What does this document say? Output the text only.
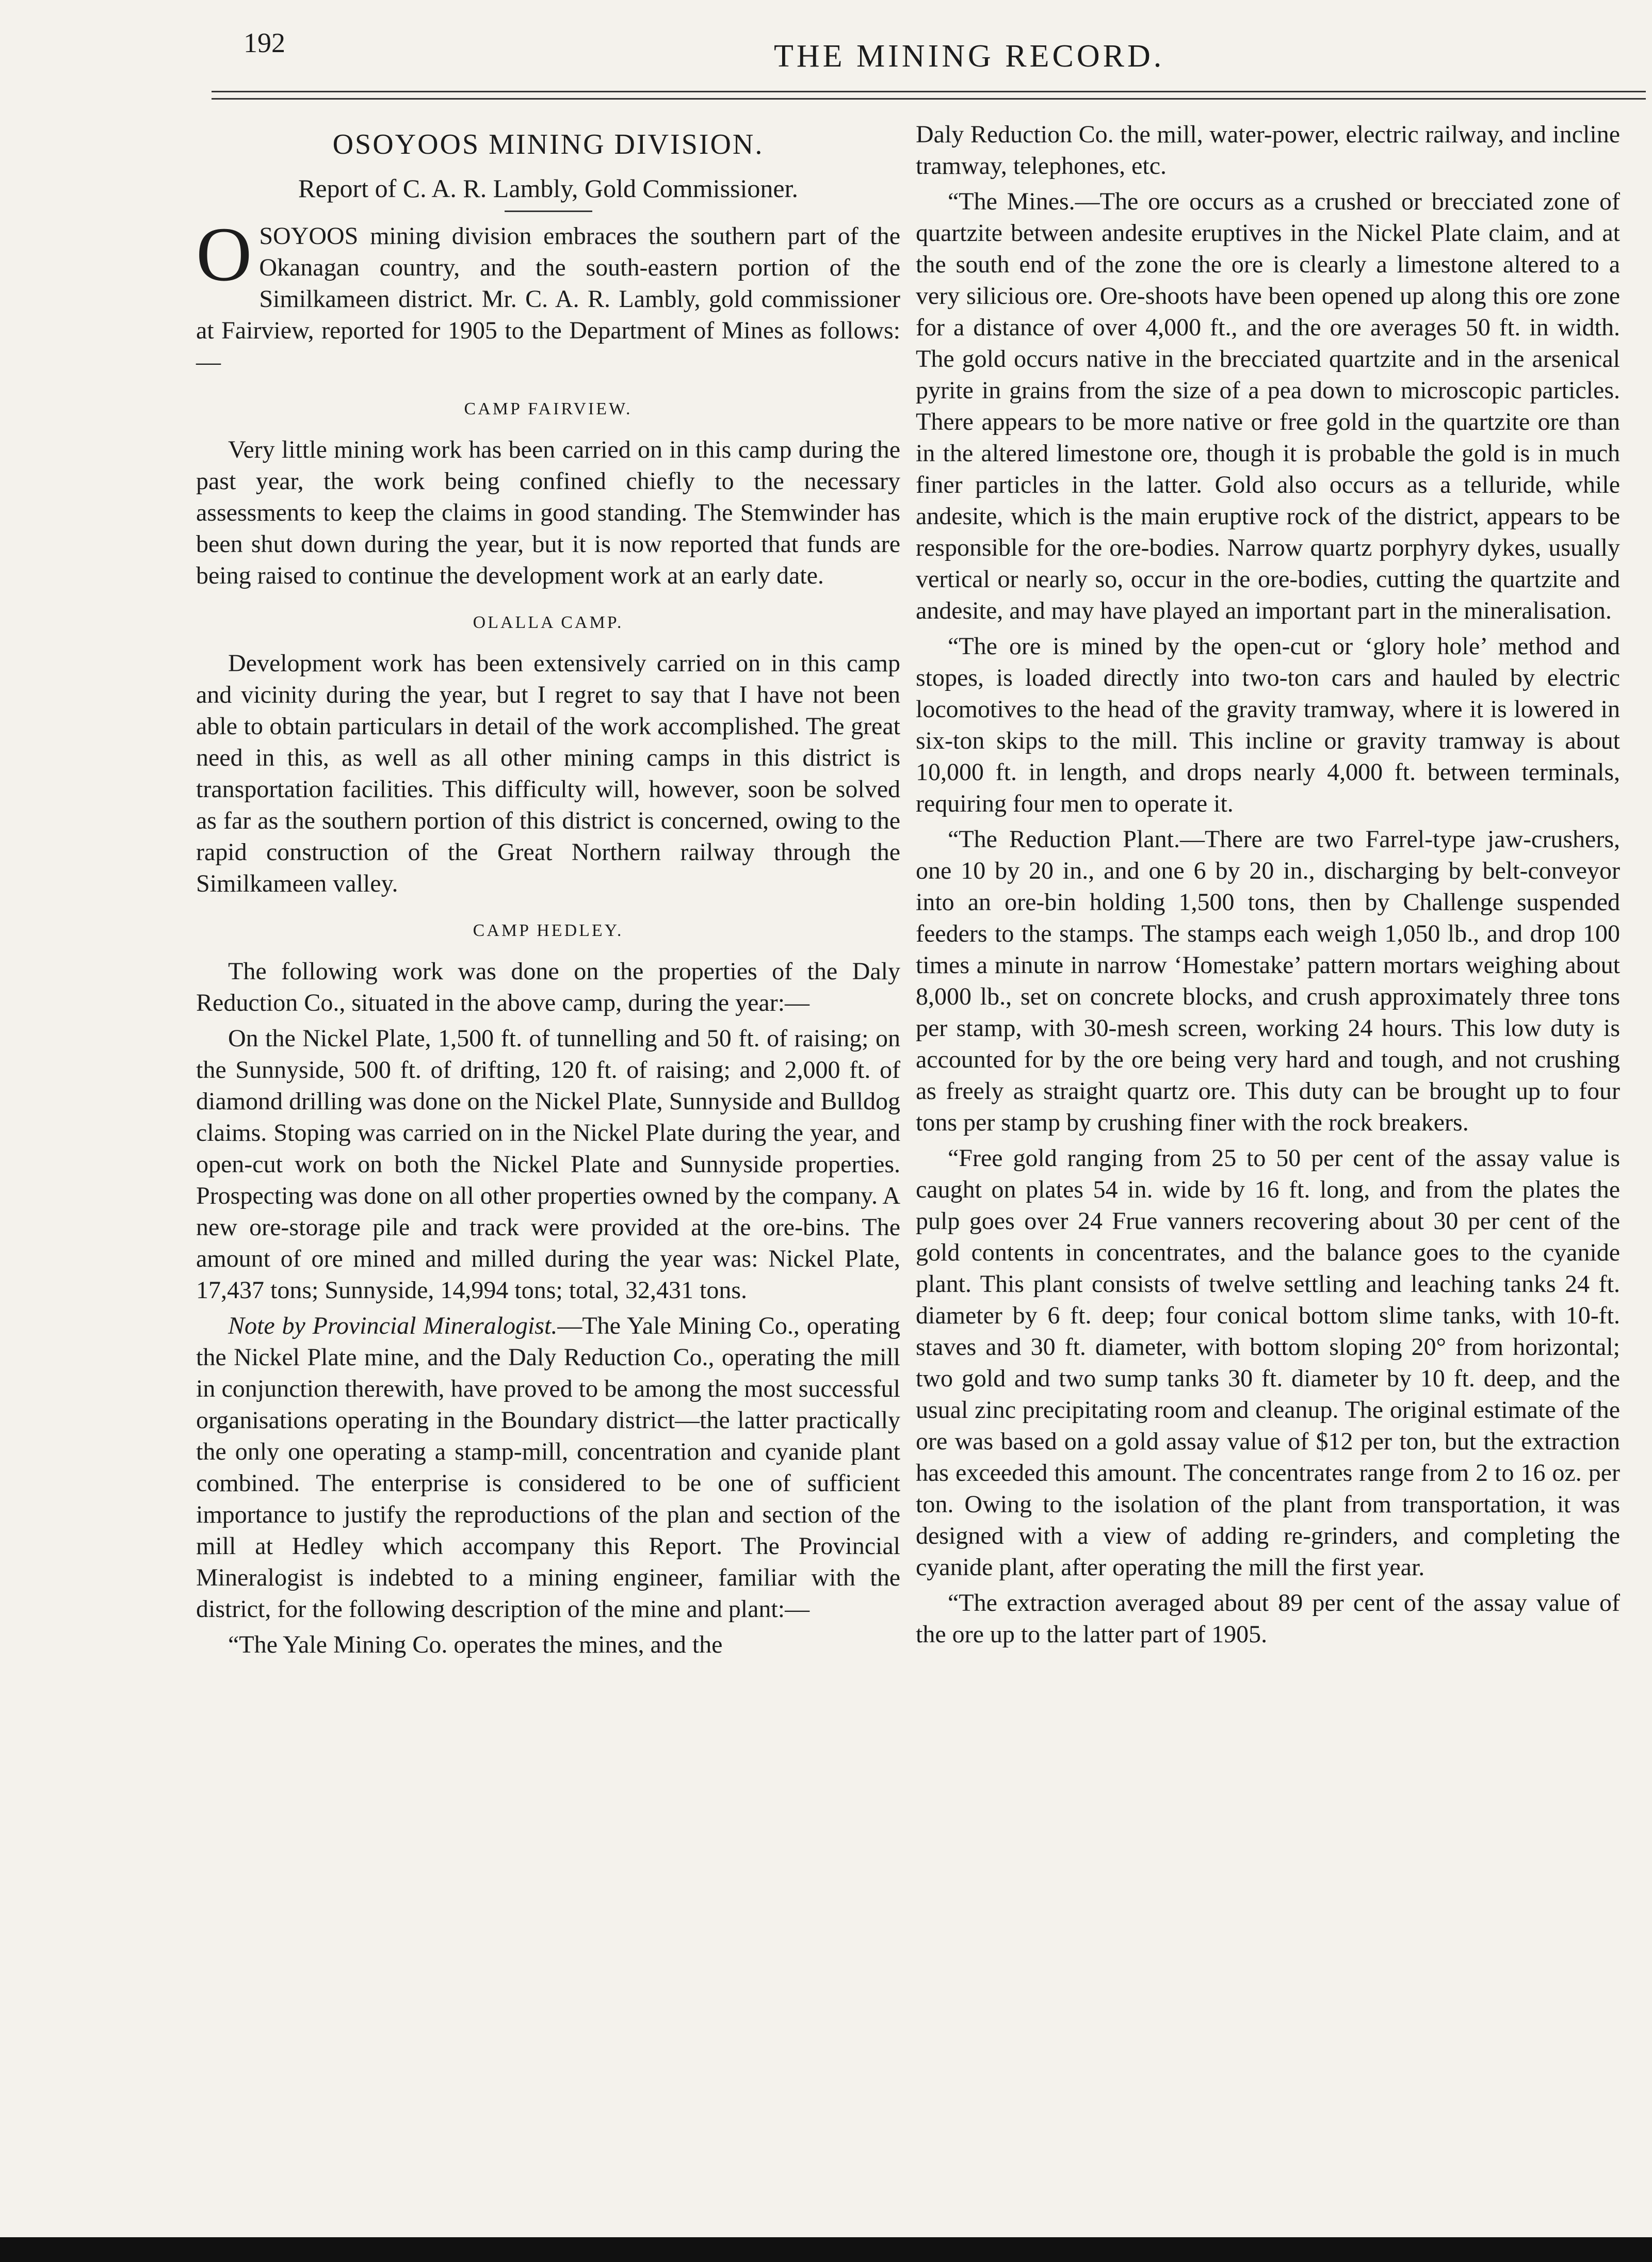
192	THE MINING RECORD.
OSOYOOS MINING DIVISION.
Report of C. A. R. Lambly, Gold Commissioner.

OSOYOOS mining division embraces the southern part of the Okanagan country, and the south-eastern portion of the Similkameen district. Mr. C. A. R. Lambly, gold commissioner at Fairview, reported for 1905 to the Department of Mines as follows:—

CAMP FAIRVIEW.

Very little mining work has been carried on in this camp during the past year, the work being confined chiefly to the necessary assessments to keep the claims in good standing. The Stemwinder has been shut down during the year, but it is now reported that funds are being raised to continue the development work at an early date.

OLALLA CAMP.

Development work has been extensively carried on in this camp and vicinity during the year, but I regret to say that I have not been able to obtain particulars in detail of the work accomplished. The great need in this, as well as all other mining camps in this district is transportation facilities. This difficulty will, however, soon be solved as far as the southern portion of this district is concerned, owing to the rapid construction of the Great Northern railway through the Similkameen valley.

CAMP HEDLEY.

The following work was done on the properties of the Daly Reduction Co., situated in the above camp, during the year:—

On the Nickel Plate, 1,500 ft. of tunnelling and 50 ft. of raising; on the Sunnyside, 500 ft. of drifting, 120 ft. of raising; and 2,000 ft. of diamond drilling was done on the Nickel Plate, Sunnyside and Bulldog claims. Stoping was carried on in the Nickel Plate during the year, and open-cut work on both the Nickel Plate and Sunnyside properties. Prospecting was done on all other properties owned by the company. A new ore-storage pile and track were provided at the ore-bins. The amount of ore mined and milled during the year was: Nickel Plate, 17,437 tons; Sunnyside, 14,994 tons; total, 32,431 tons.

Note by Provincial Mineralogist.—The Yale Mining Co., operating the Nickel Plate mine, and the Daly Reduction Co., operating the mill in conjunction therewith, have proved to be among the most successful organisations operating in the Boundary district—the latter practically the only one operating a stamp-mill, concentration and cyanide plant combined. The enterprise is considered to be one of sufficient importance to justify the reproductions of the plan and section of the mill at Hedley which accompany this Report. The Provincial Mineralogist is indebted to a mining engineer, familiar with the district, for the following description of the mine and plant:—

“The Yale Mining Co. operates the mines, and the

Daly Reduction Co. the mill, water-power, electric railway, and incline tramway, telephones, etc.

“The Mines.—The ore occurs as a crushed or brecciated zone of quartzite between andesite eruptives in the Nickel Plate claim, and at the south end of the zone the ore is clearly a limestone altered to a very silicious ore. Ore-shoots have been opened up along this ore zone for a distance of over 4,000 ft., and the ore averages 50 ft. in width. The gold occurs native in the brecciated quartzite and in the arsenical pyrite in grains from the size of a pea down to microscopic particles. There appears to be more native or free gold in the quartzite ore than in the altered limestone ore, though it is probable the gold is in much finer particles in the latter. Gold also occurs as a telluride, while andesite, which is the main eruptive rock of the district, appears to be responsible for the ore-bodies. Narrow quartz porphyry dykes, usually vertical or nearly so, occur in the ore-bodies, cutting the quartzite and andesite, and may have played an important part in the mineralisation.

“The ore is mined by the open-cut or ‘glory hole’ method and stopes, is loaded directly into two-ton cars and hauled by electric locomotives to the head of the gravity tramway, where it is lowered in six-ton skips to the mill. This incline or gravity tramway is about 10,000 ft. in length, and drops nearly 4,000 ft. between terminals, requiring four men to operate it.

“The Reduction Plant.—There are two Farrel-type jaw-crushers, one 10 by 20 in., and one 6 by 20 in., discharging by belt-conveyor into an ore-bin holding 1,500 tons, then by Challenge suspended feeders to the stamps. The stamps each weigh 1,050 lb., and drop 100 times a minute in narrow ‘Homestake’ pattern mortars weighing about 8,000 lb., set on concrete blocks, and crush approximately three tons per stamp, with 30-mesh screen, working 24 hours. This low duty is accounted for by the ore being very hard and tough, and not crushing as freely as straight quartz ore. This duty can be brought up to four tons per stamp by crushing finer with the rock breakers.

“Free gold ranging from 25 to 50 per cent of the assay value is caught on plates 54 in. wide by 16 ft. long, and from the plates the pulp goes over 24 Frue vanners recovering about 30 per cent of the gold contents in concentrates, and the balance goes to the cyanide plant. This plant consists of twelve settling and leaching tanks 24 ft. diameter by 6 ft. deep; four conical bottom slime tanks, with 10-ft. staves and 30 ft. diameter, with bottom sloping 20° from horizontal; two gold and two sump tanks 30 ft. diameter by 10 ft. deep, and the usual zinc precipitating room and cleanup. The original estimate of the ore was based on a gold assay value of $12 per ton, but the extraction has exceeded this amount. The concentrates range from 2 to 16 oz. per ton. Owing to the isolation of the plant from transportation, it was designed with a view of adding re-grinders, and completing the cyanide plant, after operating the mill the first year.

“The extraction averaged about 89 per cent of the assay value of the ore up to the latter part of 1905.
